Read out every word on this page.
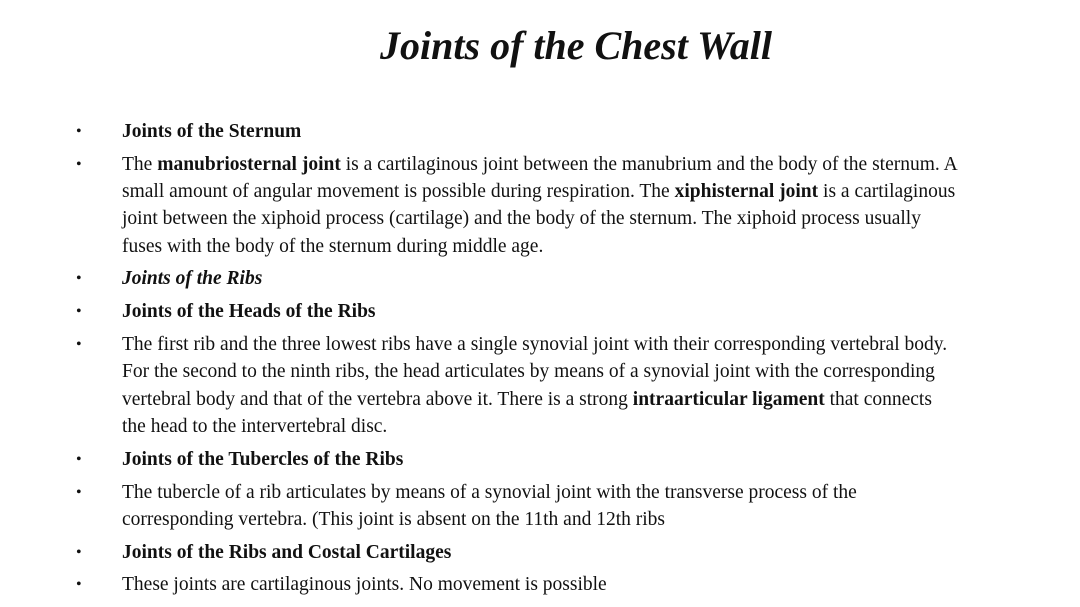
Joints of the Chest Wall
•	Joints of the Sternum
•	The manubriosternal joint is a cartilaginous joint between the manubrium and the body of the sternum. A
small amount of angular movement is possible during respiration. The xiphisternal joint is a cartilaginous
joint between the xiphoid process (cartilage) and the body of the sternum. The xiphoid process usually
fuses with the body of the sternum during middle age.
•	Joints of the Ribs
•	Joints of the Heads of the Ribs
•	The first rib and the three lowest ribs have a single synovial joint with their corresponding vertebral body.
For the second to the ninth ribs, the head articulates by means of a synovial joint with the corresponding
vertebral body and that of the vertebra above it. There is a strong intraarticular ligament that connects
the head to the intervertebral disc.
•	Joints of the Tubercles of the Ribs
•	The tubercle of a rib articulates by means of a synovial joint with the transverse process of the
corresponding vertebra. (This joint is absent on the 11th and 12th ribs
•	Joints of the Ribs and Costal Cartilages
•	These joints are cartilaginous joints. No movement is possible
